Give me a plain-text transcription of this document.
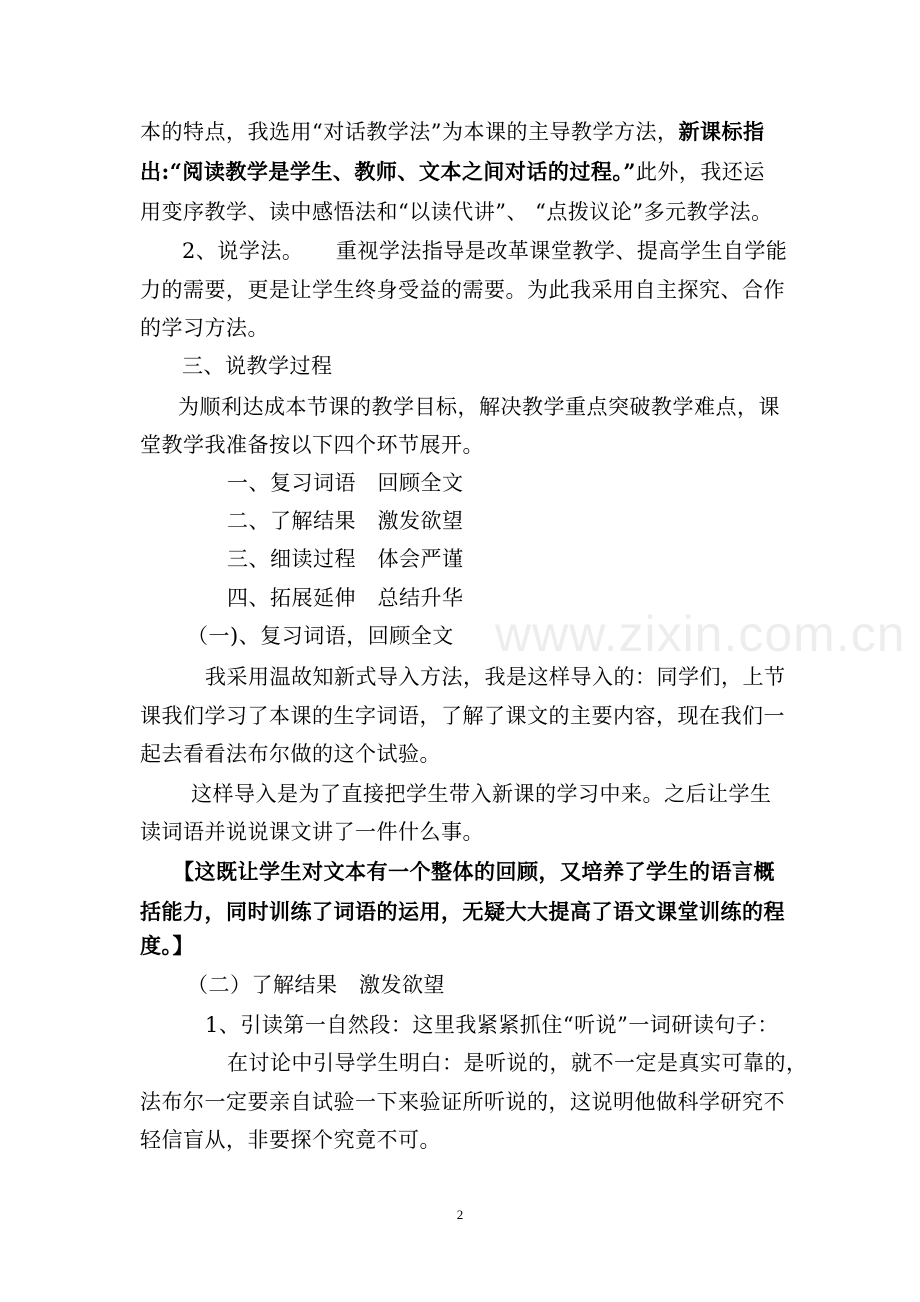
www.zixin.com.cn
本的特点，我选用“对话教学法”为本课的主导教学方法，新课标指
出:“阅读教学是学生、教师、文本之间对话的过程。”此外，我还运
用变序教学、读中感悟法和“以读代讲”、 “点拨议论”多元教学法。
2、说学法。　　重视学法指导是改革课堂教学、提高学生自学能
力的需要，更是让学生终身受益的需要。为此我采用自主探究、合作
的学习方法。
三、说教学过程
为顺利达成本节课的教学目标，解决教学重点突破教学难点，课
堂教学我准备按以下四个环节展开。
一、复习词语　回顾全文
二、了解结果　激发欲望
三、细读过程　体会严谨
四、拓展延伸　总结升华
（一)、复习词语，回顾全文
我采用温故知新式导入方法，我是这样导入的：同学们，上节
课我们学习了本课的生字词语，了解了课文的主要内容，现在我们一
起去看看法布尔做的这个试验。
这样导入是为了直接把学生带入新课的学习中来。之后让学生
读词语并说说课文讲了一件什么事。
【这既让学生对文本有一个整体的回顾，又培养了学生的语言概
括能力，同时训练了词语的运用，无疑大大提高了语文课堂训练的程
度。】
（二）了解结果　激发欲望
1、引读第一自然段：这里我紧紧抓住“听说”一词研读句子：
在讨论中引导学生明白：是听说的，就不一定是真实可靠的，
法布尔一定要亲自试验一下来验证所听说的，这说明他做科学研究不
轻信盲从，非要探个究竟不可。
2
